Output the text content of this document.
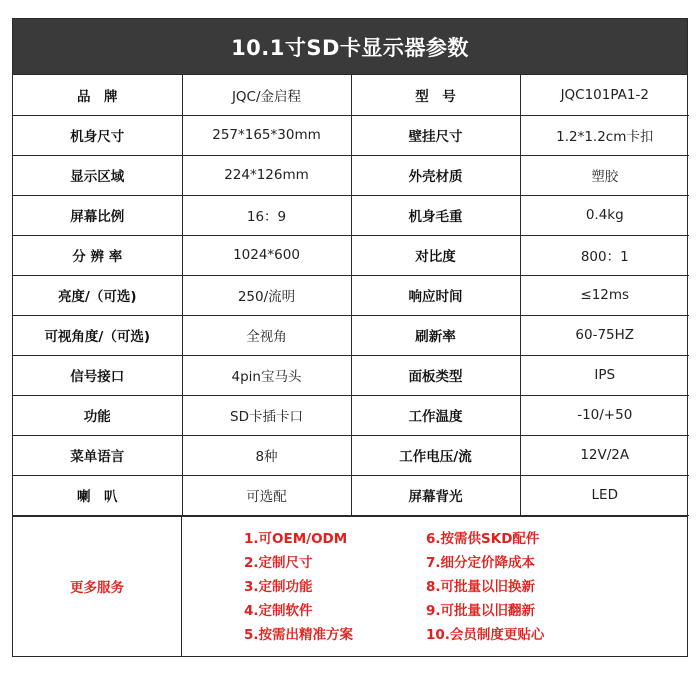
10.1寸SD卡显示器参数
品　牌	JQC/金启程	型　号	JQC101PA1-2
机身尺寸	257*165*30mm	壁挂尺寸	1.2*1.2cm卡扣
显示区域	224*126mm	外壳材质	塑胶
屏幕比例	16：9	机身毛重	0.4kg
分 辨 率	1024*600	对比度	800：1
亮度/（可选)	250/流明	响应时间	≤12ms
可视角度/（可选)	全视角	刷新率	60-75HZ
信号接口	4pin宝马头	面板类型	IPS
功能	SD卡插卡口	工作温度	-10/+50
菜单语言	8种	工作电压/流	12V/2A
喇　叭	可选配	屏幕背光	LED
更多服务
1.可OEM/ODM
2.定制尺寸
3.定制功能
4.定制软件
5.按需出精准方案
6.按需供SKD配件
7.细分定价降成本
8.可批量以旧换新
9.可批量以旧翻新
10.会员制度更贴心
